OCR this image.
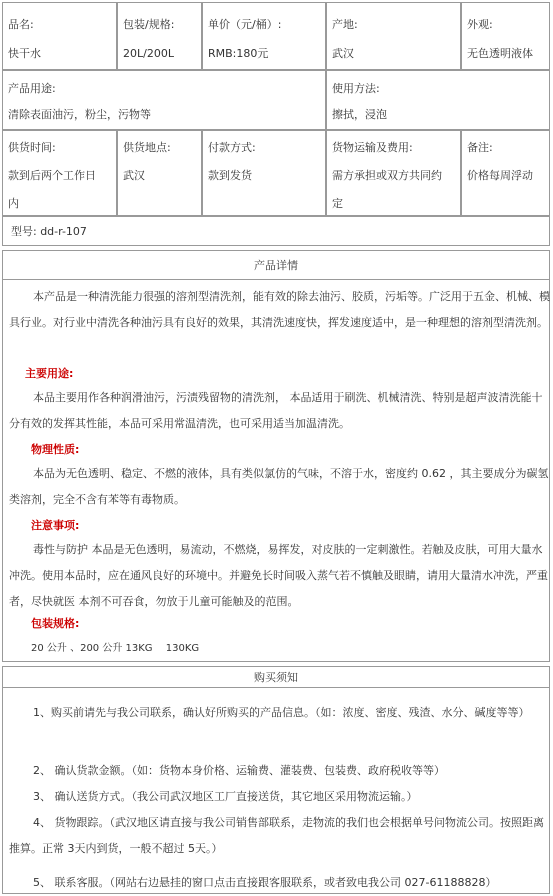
品名:
快干水
包装/规格:
20L/200L
单价（元/桶）:
RMB:180元
产地:
武汉
外观:
无色透明液体
产品用途:
清除表面油污，粉尘，污物等
使用方法:
擦拭，浸泡
供货时间:
款到后两个工作日
内
供货地点:
武汉
付款方式:
款到发货
货物运输及费用:
需方承担或双方共同约
定
备注:
价格每周浮动
型号: dd-r-107
产品详情

本产品是一种清洗能力很强的溶剂型清洗剂，能有效的除去油污、胶质，污垢等。广泛用于五金、机械、模具行业。对行业中清洗各种油污具有良好的效果，其清洗速度快，挥发速度适中，是一种理想的溶剂型清洗剂。

主要用途:

本品主要用作各种润滑油污，污渍残留物的清洗剂， 本品适用于刷洗、机械清洗、特别是超声波清洗能十分有效的发挥其性能，本品可采用常温清洗，也可采用适当加温清洗。

物理性质:

本品为无色透明、稳定、不燃的液体，具有类似氯仿的气味，不溶于水，密度约 0.62 ，其主要成分为碳氢类溶剂，完全不含有苯等有毒物质。

注意事项:

毒性与防护 本品是无色透明，易流动，不燃烧，易挥发，对皮肤的一定刺激性。若触及皮肤，可用大量水冲洗。使用本品时，应在通风良好的环境中。并避免长时间吸入蒸气若不慎触及眼睛，请用大量清水冲洗，严重者，尽快就医 本剂不可吞食，勿放于儿童可能触及的范围。

包装规格:
20 公升 、200 公升 13KG　 130KG
购买须知

1、购买前请先与我公司联系，确认好所购买的产品信息。（如：浓度、密度、残渣、水分、碱度等等）

2、 确认货款金额。（如：货物本身价格、运输费、灌装费、包装费、政府税收等等）
3、 确认送货方式。（我公司武汉地区工厂直接送货，其它地区采用物流运输。）

4、 货物跟踪。（武汉地区请直接与我公司销售部联系，走物流的我们也会根据单号问物流公司。按照距离推算。正常 3天内到货，一般不超过 5天。）

5、 联系客服。（网站右边悬挂的窗口点击直接跟客服联系，或者致电我公司 027-61188828）
